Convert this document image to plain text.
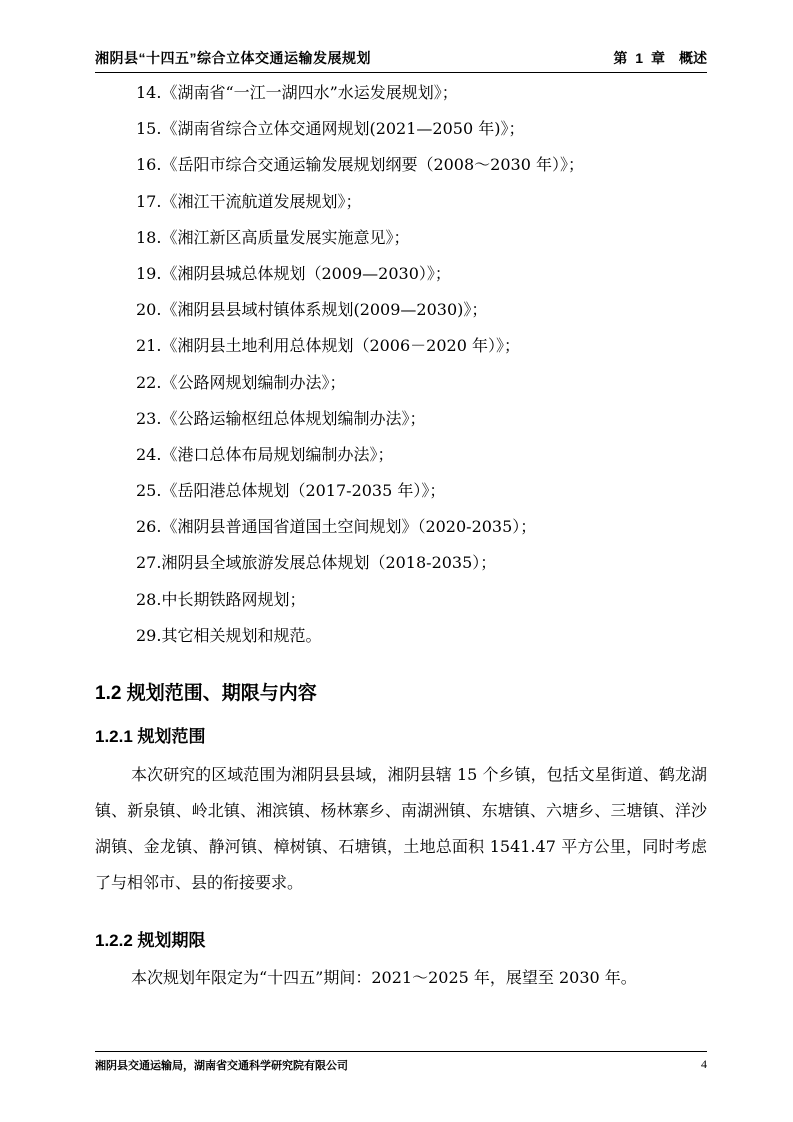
湘阴县“十四五”综合立体交通运输发展规划	第 1 章　概述
14.《湖南省“一江一湖四水”水运发展规划》；
15.《湖南省综合立体交通网规划(2021—2050 年)》；
16.《岳阳市综合交通运输发展规划纲要（2008～2030 年）》；
17.《湘江干流航道发展规划》；
18.《湘江新区高质量发展实施意见》；
19.《湘阴县城总体规划（2009—2030）》；
20.《湘阴县县域村镇体系规划(2009—2030)》；
21.《湘阴县土地利用总体规划（2006－2020 年）》；
22.《公路网规划编制办法》；
23.《公路运输枢纽总体规划编制办法》；
24.《港口总体布局规划编制办法》；
25.《岳阳港总体规划（2017-2035 年）》；
26.《湘阴县普通国省道国土空间规划》（2020-2035）；
27.湘阴县全域旅游发展总体规划（2018-2035）；
28.中长期铁路网规划；
29.其它相关规划和规范。
1.2 规划范围、期限与内容
1.2.1 规划范围

本次研究的区域范围为湘阴县县域，湘阴县辖 15 个乡镇，包括文星街道、鹤龙湖镇、新泉镇、岭北镇、湘滨镇、杨林寨乡、南湖洲镇、东塘镇、六塘乡、三塘镇、洋沙湖镇、金龙镇、静河镇、樟树镇、石塘镇，土地总面积 1541.47 平方公里，同时考虑了与相邻市、县的衔接要求。

1.2.2 规划期限

本次规划年限定为“十四五”期间：2021～2025 年，展望至 2030 年。

湘阴县交通运输局，湖南省交通科学研究院有限公司	4
